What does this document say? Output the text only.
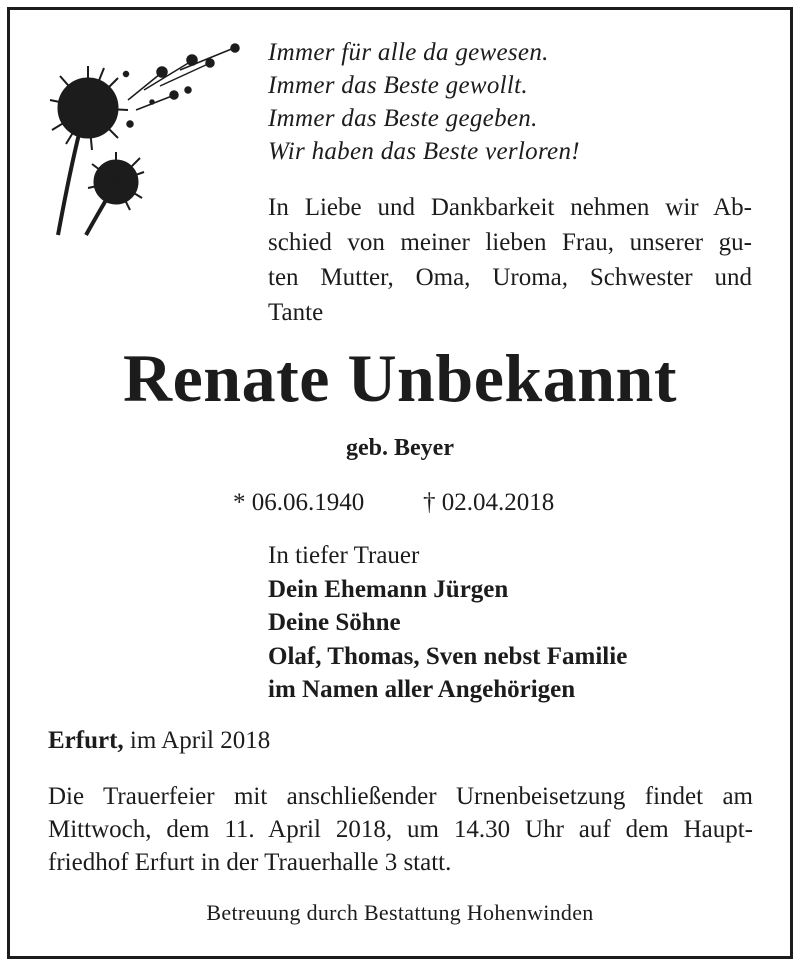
Immer für alle da gewesen.
Immer das Beste gewollt.
Immer das Beste gegeben.
Wir haben das Beste verloren!
In Liebe und Dankbarkeit nehmen wir Ab-
schied von meiner lieben Frau, unserer gu-
ten Mutter, Oma, Uroma, Schwester und
Tante
Renate Unbekannt
geb. Beyer
* 06.06.1940 † 02.04.2018
In tiefer Trauer
Dein Ehemann Jürgen
Deine Söhne
Olaf, Thomas, Sven nebst Familie
im Namen aller Angehörigen
Erfurt, im April 2018
Die Trauerfeier mit anschließender Urnenbeisetzung findet am
Mittwoch, dem 11. April 2018, um 14.30 Uhr auf dem Haupt-
friedhof Erfurt in der Trauerhalle 3 statt.
Betreuung durch Bestattung Hohenwinden
